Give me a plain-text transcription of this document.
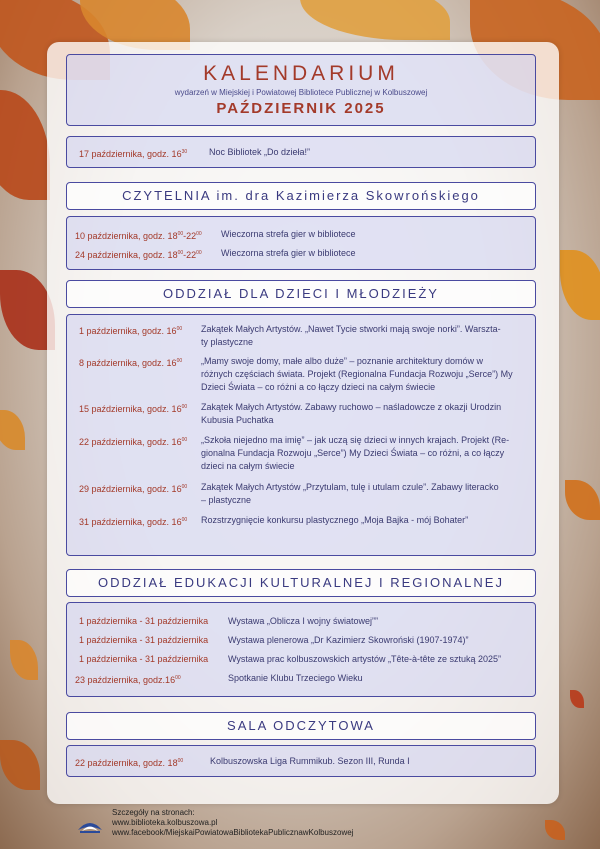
KALENDARIUM
wydarzeń w Miejskiej i Powiatowej Bibliotece Publicznej w Kolbuszowej
PAŹDZIERNIK 2025
17 października, godz. $16^{30}$ Noc Bibliotek „Do dzieła!”
CZYTELNIA im. dra Kazimierza Skowrońskiego
10 października, godz. $18^{00}-22^{00}$ Wieczorna strefa gier w bibliotece
24 października, godz. $18^{00}-22^{00}$ Wieczorna strefa gier w bibliotece
ODDZIAŁ DLA DZIECI I MŁODZIEŻY
1 października, godz. $16^{00}$ Zakątek Małych Artystów. „Nawet Tycie stworki mają swoje norki”. Warszta-
ty plastyczne
8 października, godz. $16^{00}$ „Mamy swoje domy, małe albo duże” – poznanie architektury domów w
różnych częściach świata. Projekt (Regionalna Fundacja Rozwoju „Serce”) My
Dzieci Świata – co różni a co łączy dzieci na całym świecie
15 października, godz. $16^{00}$ Zakątek Małych Artystów. Zabawy ruchowo – naśladowcze z okazji Urodzin
Kubusia Puchatka
22 października, godz. $16^{00}$ „Szkoła niejedno ma imię” – jak uczą się dzieci w innych krajach. Projekt (Re-
gionalna Fundacja Rozwoju „Serce”) My Dzieci Świata – co różni, a co łączy
dzieci na całym świecie
29 października, godz. $16^{00}$ Zakątek Małych Artystów „Przytulam, tulę i utulam czule”. Zabawy literacko
– plastyczne
31 października, godz. $16^{00}$ Rozstrzygnięcie konkursu plastycznego „Moja Bajka - mój Bohater”
ODDZIAŁ EDUKACJI KULTURALNEJ I REGIONALNEJ
1 października - 31 października Wystawa „Oblicza I wojny światowej””
1 października - 31 października Wystawa plenerowa „Dr Kazimierz Skowroński (1907-1974)”
1 października - 31 października Wystawa prac kolbuszowskich artystów „Tête-à-tête ze sztuką 2025”
23 października, $godz.16^{00}$	Spotkanie Klubu Trzeciego Wieku
SALA ODCZYTOWA
22 października, godz. $18^{00}$	Kolbuszowska Liga Rummikub. Sezon III, Runda I
Szczegóły na stronach:
www.biblioteka.kolbuszowa.pl
www.facebook/MiejskaiPowiatowaBibliotekaPublicznawKolbuszowej
